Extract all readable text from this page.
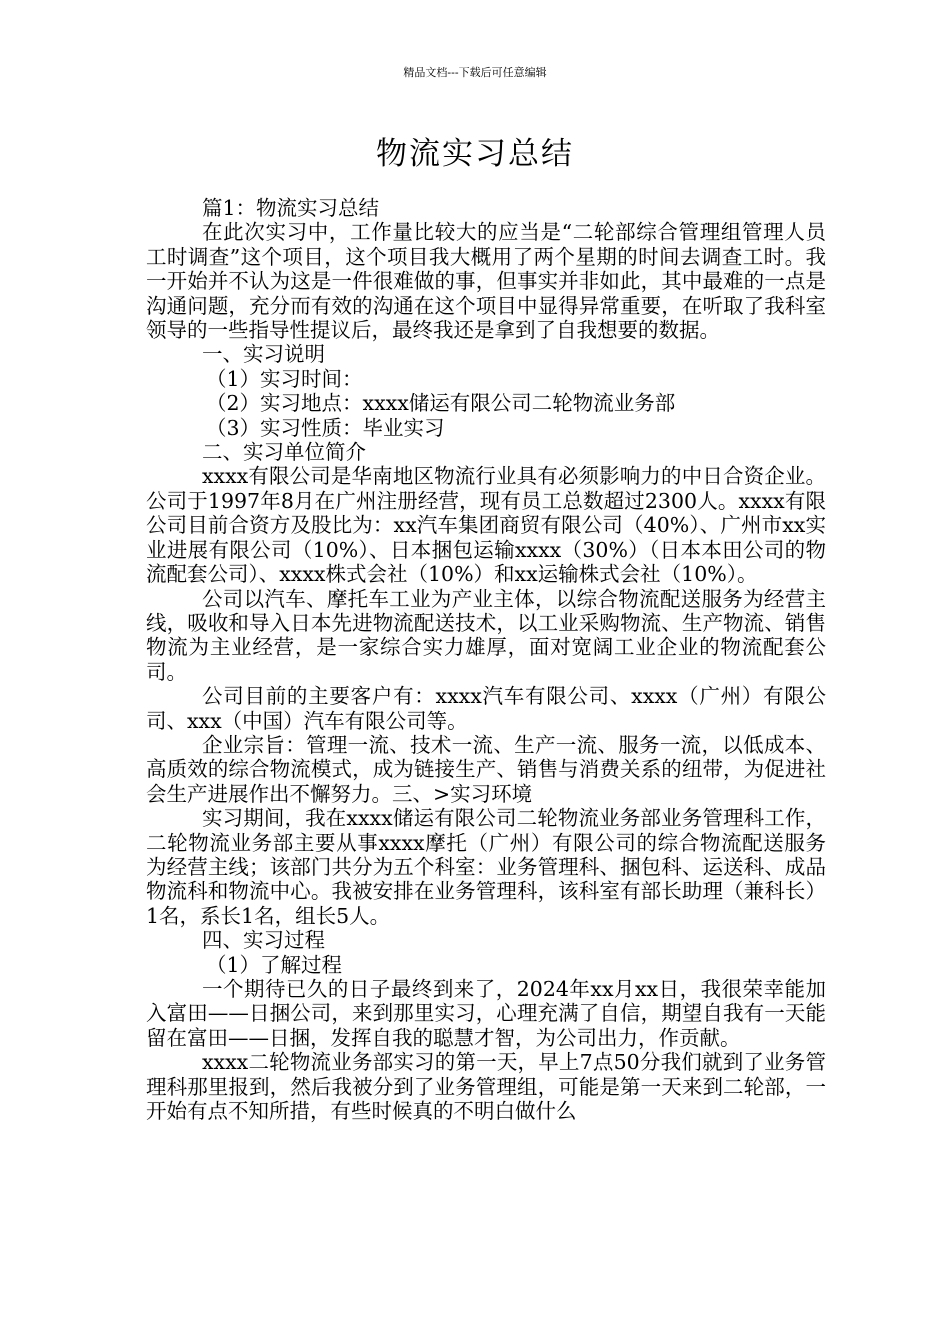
精品文档---下载后可任意编辑
物流实习总结

篇1：物流实习总结

在此次实习中，工作量比较大的应当是“二轮部综合管理组管理人员工时调查”这个项目，这个项目我大概用了两个星期的时间去调查工时。我一开始并不认为这是一件很难做的事，但事实并非如此，其中最难的一点是沟通问题，充分而有效的沟通在这个项目中显得异常重要，在听取了我科室领导的一些指导性提议后，最终我还是拿到了自我想要的数据。

一、实习说明

（1）实习时间：

（2）实习地点：xxxx储运有限公司二轮物流业务部

（3）实习性质：毕业实习

二、实习单位简介

xxxx有限公司是华南地区物流行业具有必须影响力的中日合资企业。公司于1997年8月在广州注册经营，现有员工总数超过2300人。xxxx有限公司目前合资方及股比为：xx汽车集团商贸有限公司（40%）、广州市xx实业进展有限公司（10%）、日本捆包运输xxxx（30%）（日本本田公司的物流配套公司）、xxxx株式会社（10%）和xx运输株式会社（10%）。

公司以汽车、摩托车工业为产业主体，以综合物流配送服务为经营主线，吸收和导入日本先进物流配送技术，以工业采购物流、生产物流、销售物流为主业经营，是一家综合实力雄厚，面对宽阔工业企业的物流配套公司。

公司目前的主要客户有：xxxx汽车有限公司、xxxx（广州）有限公司、xxx（中国）汽车有限公司等。

企业宗旨：管理一流、技术一流、生产一流、服务一流，以低成本、高质效的综合物流模式，成为链接生产、销售与消费关系的纽带，为促进社会生产进展作出不懈努力。三、>实习环境

实习期间，我在xxxx储运有限公司二轮物流业务部业务管理科工作，二轮物流业务部主要从事xxxx摩托（广州）有限公司的综合物流配送服务为经营主线；该部门共分为五个科室：业务管理科、捆包科、运送科、成品物流科和物流中心。我被安排在业务管理科，该科室有部长助理（兼科长）1名，系长1名，组长5人。

四、实习过程

（1）了解过程

一个期待已久的日子最终到来了，2024年xx月xx日，我很荣幸能加入富田——日捆公司，来到那里实习，心理充满了自信，期望自我有一天能留在富田——日捆，发挥自我的聪慧才智，为公司出力，作贡献。

xxxx二轮物流业务部实习的第一天，早上7点50分我们就到了业务管理科那里报到，然后我被分到了业务管理组，可能是第一天来到二轮部，一开始有点不知所措，有些时候真的不明白做什么
